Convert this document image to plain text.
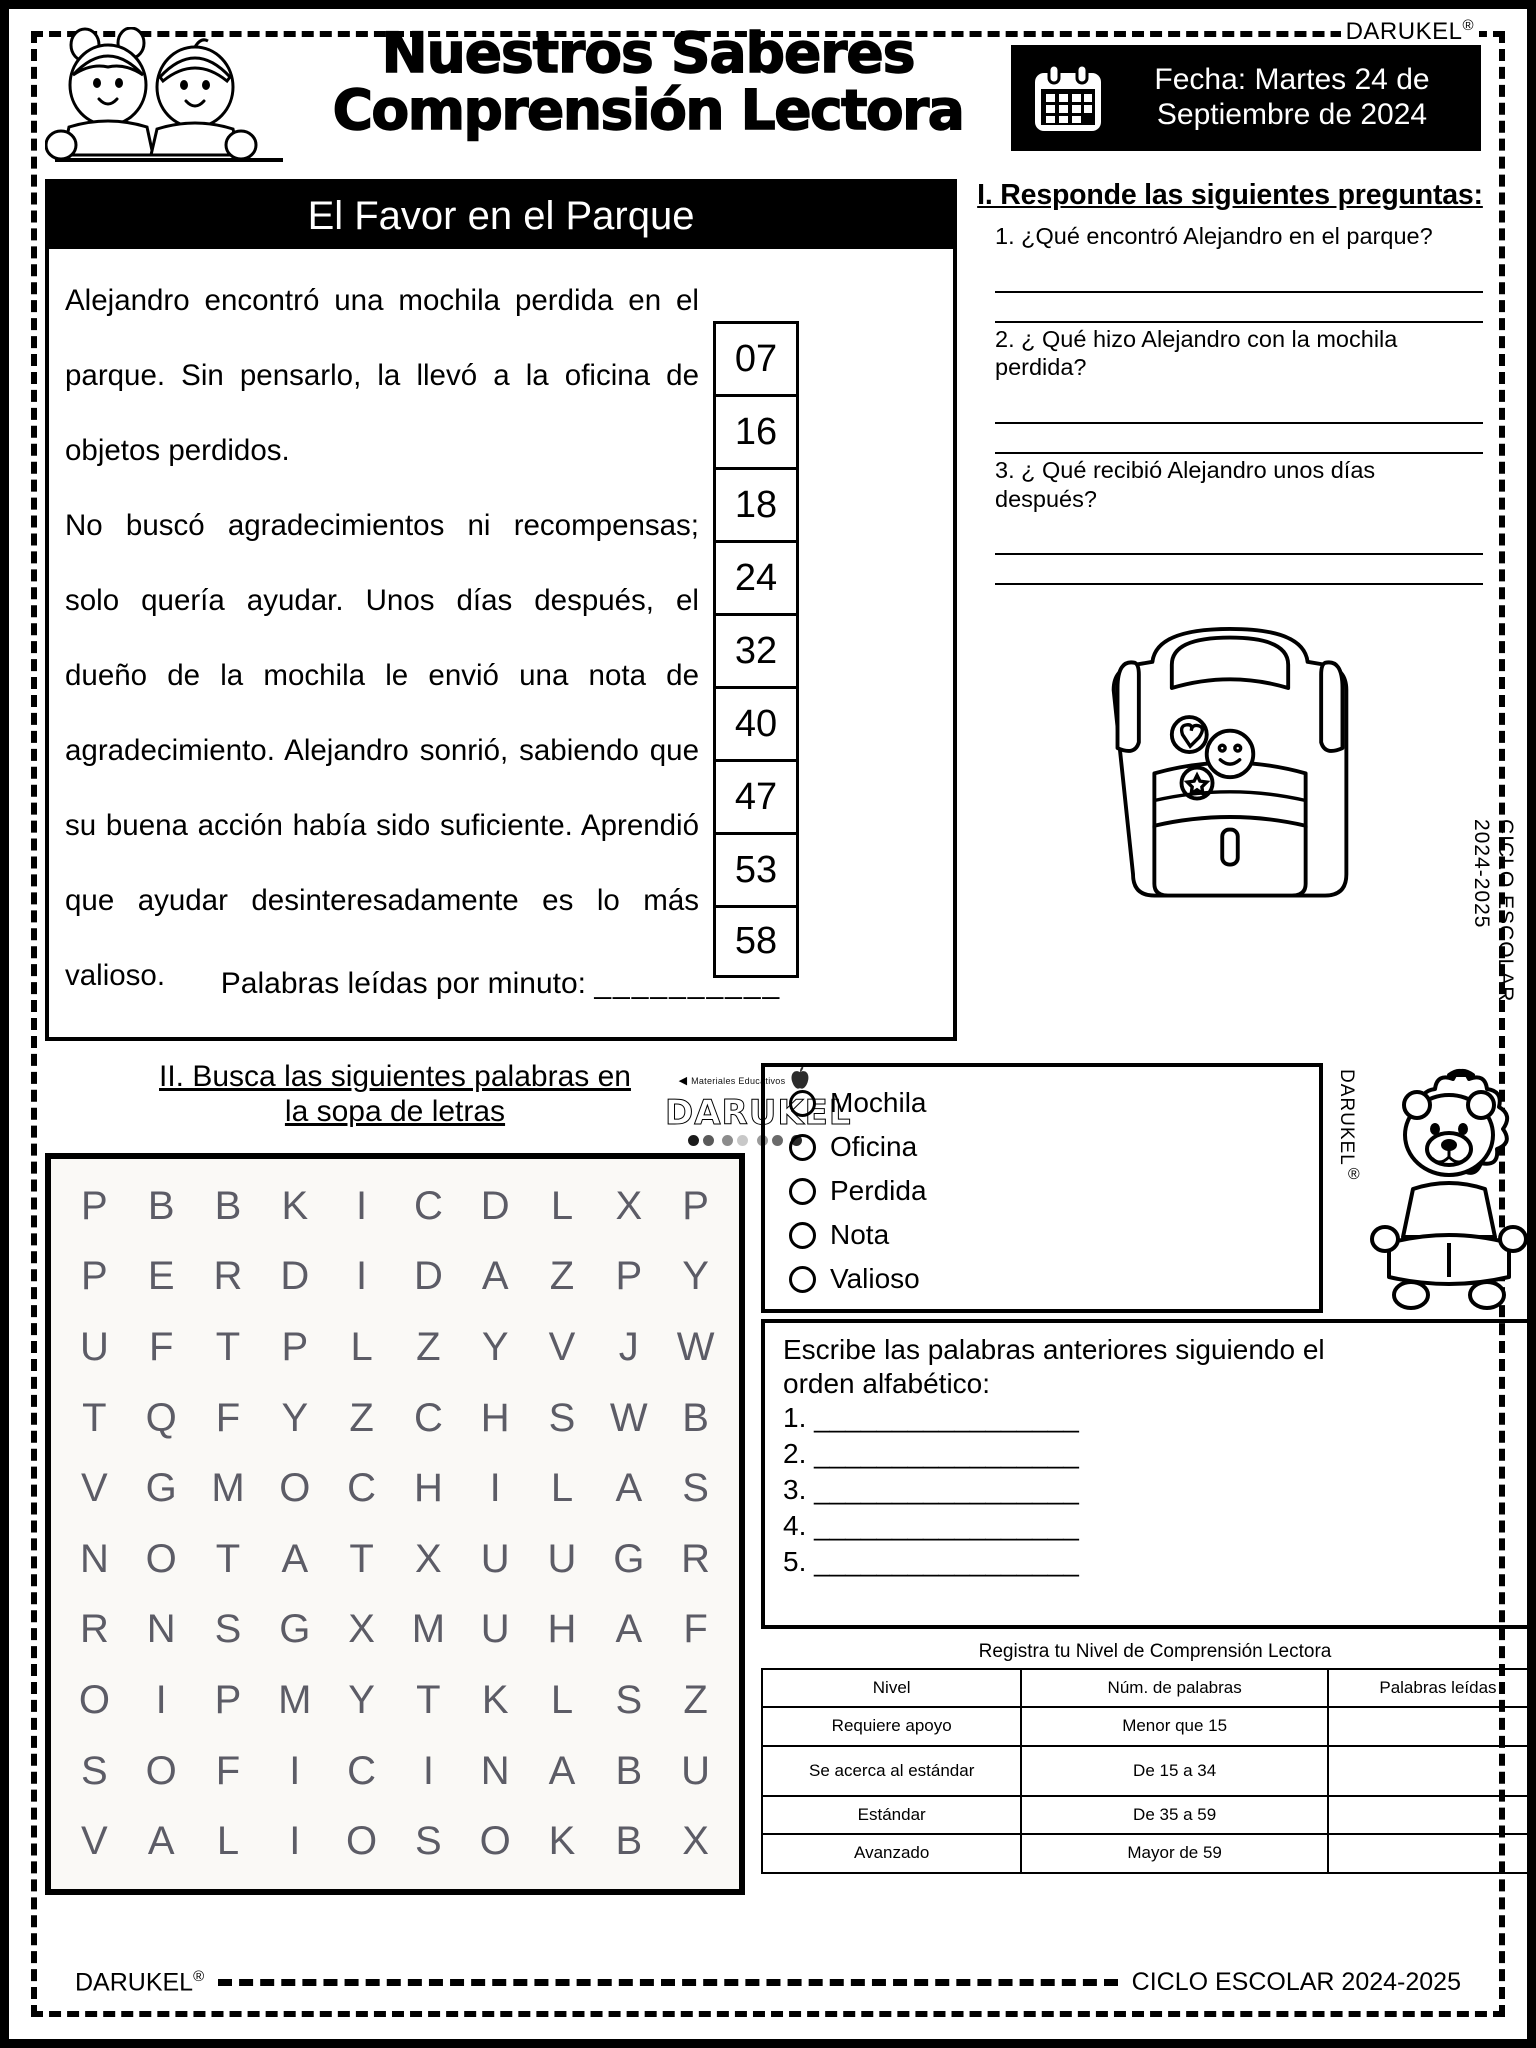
Nuestros Saberes
Comprensión Lectora
DARUKEL®
Fecha: Martes 24 de
Septiembre de 2024
El Favor en el Parque

Alejandro encontró una mochila perdida en el parque. Sin pensarlo, la llevó a la oficina de objetos perdidos.

No buscó agradecimientos ni recompensas; solo quería ayudar. Unos días después, el dueño de la mochila le envió una nota de agradecimiento. Alejandro sonrió, sabiendo que su buena acción había sido suficiente. Aprendió que ayudar desinteresadamente es lo más valioso.

07
16
18
24
32
40
47
53
58
Palabras leídas por minuto: __________
I. Responde las siguientes preguntas:
1. ¿Qué encontró Alejandro en el parque?
2. ¿ Qué hizo Alejandro con la mochila perdida?
3. ¿ Qué recibió Alejandro unos días después?
CICLO ESCOLAR 2024-2025
II. Busca las siguientes palabras en
la sopa de letras
◀ Materiales Educativos
DARUKEL

P B B K I C D L X P
P E R D I D A Z P Y
U F T P L Z Y V J W
T Q F Y Z C H S W B
V G M O C H I L A S
N O T A T X U U G R
R N S G X M U H A F
O I P M Y T K L S Z
S O F I C I N A B U
V A L I O S O K B X
Mochila
Oficina
Perdida
Nota
Valioso
DARUKEL®
Escribe las palabras anteriores siguiendo el
orden alfabético:
1. _________________
2. _________________
3. _________________
4. _________________
5. _________________
Registra tu Nivel de Comprensión Lectora
Nivel	Núm. de palabras	Palabras leídas
Requiere apoyo	Menor que 15	
Se acerca al estándar	De 15 a 34	
Estándar	De 35 a 59	
Avanzado	Mayor de 59	
DARUKEL®	CICLO ESCOLAR 2024-2025
